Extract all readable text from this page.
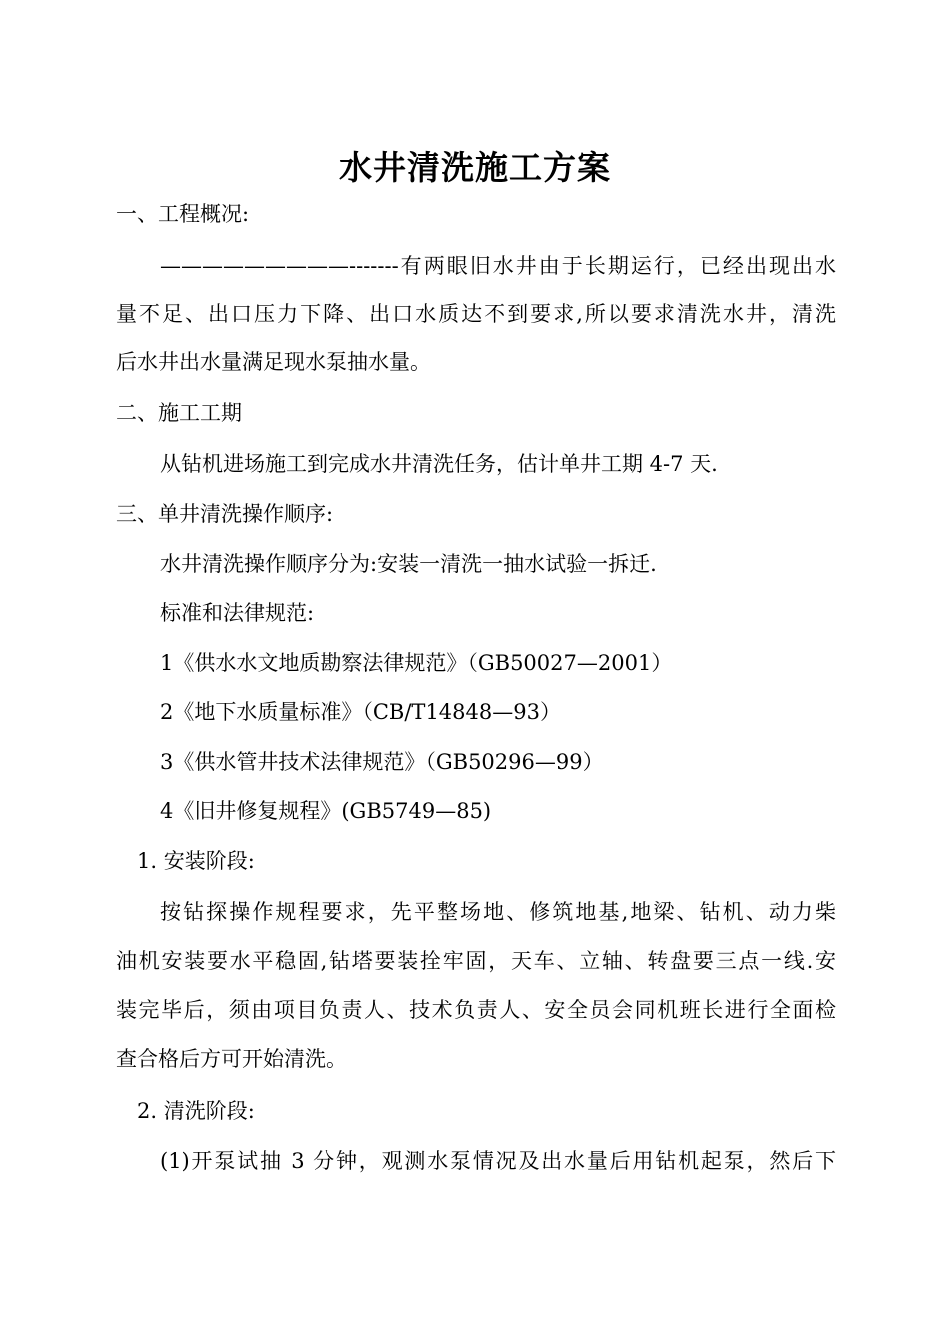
水井清洗施工方案
一、工程概况:
—————————-------有两眼旧水井由于长期运行，已经出现出水
量不足、出口压力下降、出口水质达不到要求,所以要求清洗水井，清洗
后水井出水量满足现水泵抽水量。
二、施工工期
从钻机进场施工到完成水井清洗任务，估计单井工期 4-7 天.
三、单井清洗操作顺序:
水井清洗操作顺序分为:安装一清洗一抽水试验一拆迁.
标准和法律规范:
1《供水水文地质勘察法律规范》（GB50027—2001）
2《地下水质量标准》（CB/T14848—93）
3《供水管井技术法律规范》（GB50296—99）
4《旧井修复规程》(GB5749—85)
1. 安装阶段:
按钻探操作规程要求，先平整场地、修筑地基,地梁、钻机、动力柴
油机安装要水平稳固,钻塔要装拴牢固，天车、立轴、转盘要三点一线.安
装完毕后，须由项目负责人、技术负责人、安全员会同机班长进行全面检
查合格后方可开始清洗。
2. 清洗阶段:
(1)开泵试抽 3 分钟，观测水泵情况及出水量后用钻机起泵，然后下
